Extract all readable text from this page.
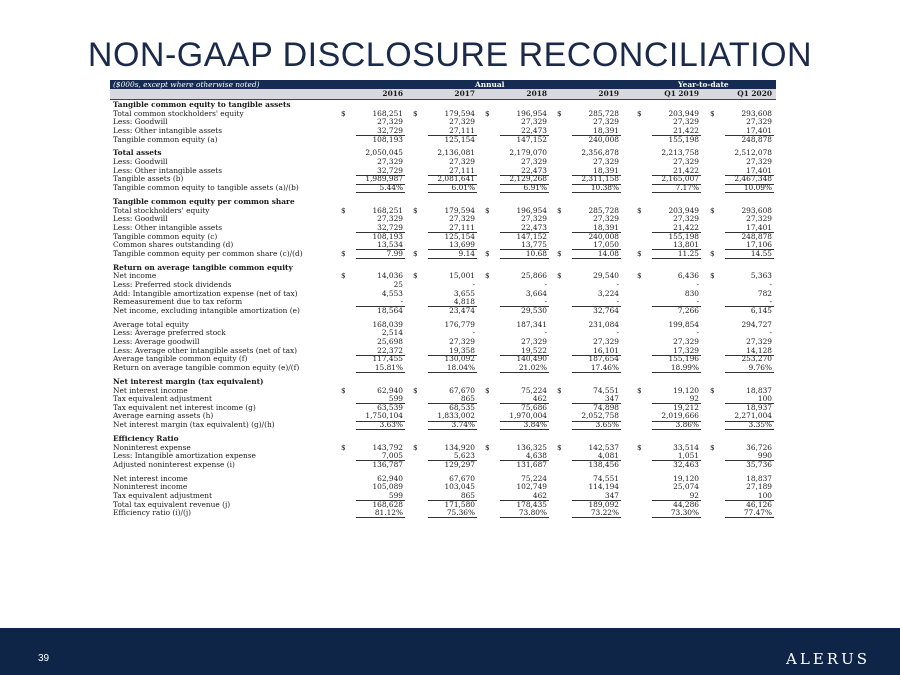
NON-GAAP DISCLOSURE RECONCILIATION
($000s, except where otherwise noted)	Annual	Year-to-date
2016	2017	2018	2019	Q1 2019	Q1 2020
Tangible common equity to tangible assets
Total common stockholders' equity	$	168,251 $	179,594 $	196,954 $	285,728 $	203,949 $	293,608
Less: Goodwill	27,329	27,329	27,329	27,329	27,329	27,329
Less: Other intangible assets	32,729	27,111	22,473	18,391	21,422	17,401
Tangible common equity (a)	108,193	125,154	147,152	240,008	155,198	248,878
Total assets	2,050,045	2,136,081	2,179,070	2,356,878	2,213,758	2,512,078
Less: Goodwill	27,329	27,329	27,329	27,329	27,329	27,329
Less: Other intangible assets	32,729	27,111	22,473	18,391	21,422	17,401
Tangible assets (b)	1,989,987	2,081,641	2,129,268	2,311,158	2,165,007	2,467,348
Tangible common equity to tangible assets (a)/(b)	5.44%	6.01%	6.91%	10.38%	7.17%	10.09%
Tangible common equity per common share
Total stockholders' equity	$	168,251 $	179,594 $	196,954 $	285,728 $	203,949 $	293,608
Less: Goodwill	27,329	27,329	27,329	27,329	27,329	27,329
Less: Other intangible assets	32,729	27,111	22,473	18,391	21,422	17,401
Tangible common equity (c)	108,193	125,154	147,152	240,008	155,198	248,878
Common shares outstanding (d)	13,534	13,699	13,775	17,050	13,801	17,106
Tangible common equity per common share (c)/(d)	$	7.99 $	9.14 $	10.68 $	14.08 $	11.25 $	14.55
Return on average tangible common equity
Net income	$	14,036 $	15,001 $	25,866 $	29,540 $	6,436 $	5,363
Less: Preferred stock dividends	25	-	-	-	-	-
Add: Intangible amortization expense (net of tax)	4,553	3,655	3,664	3,224	830	782
Remeasurement due to tax reform	-	4,818	-	-	-	-
Net income, excluding intangible amortization (e)	18,564	23,474	29,530	32,764	7,266	6,145
Average total equity	168,039	176,779	187,341	231,084	199,854	294,727
Less: Average preferred stock	2,514	-	-	-	-	-
Less: Average goodwill	25,698	27,329	27,329	27,329	27,329	27,329
Less: Average other intangible assets (net of tax)	22,372	19,358	19,522	16,101	17,329	14,128
Average tangible common equity (f)	117,455	130,092	140,490	187,654	155,196	253,270
Return on average tangible common equity (e)/(f)	15.81%	18.04%	21.02%	17.46%	18.99%	9.76%
Net interest margin (tax equivalent)
Net interest income	$	62,940 $	67,670 $	75,224 $	74,551 $	19,120 $	18,837
Tax equivalent adjustment	599	865	462	347	92	100
Tax equivalent net interest income (g)	63,539	68,535	75,686	74,898	19,212	18,937
Average earning assets (h)	1,750,104	1,833,002	1,970,004	2,052,758	2,019,666	2,271,004
Net interest margin (tax equivalent) (g)/(h)	3.63%	3.74%	3.84%	3.65%	3.86%	3.35%
Efficiency Ratio
Noninterest expense	$	143,792 $	134,920 $	136,325 $	142,537 $	33,514 $	36,726
Less: Intangible amortization expense	7,005	5,623	4,638	4,081	1,051	990
Adjusted noninterest expense (i)	136,787	129,297	131,687	138,456	32,463	35,736
Net interest income	62,940	67,670	75,224	74,551	19,120	18,837
Noninterest income	105,089	103,045	102,749	114,194	25,074	27,189
Tax equivalent adjustment	599	865	462	347	92	100
Total tax equivalent revenue (j)	168,628	171,580	178,435	189,092	44,286	46,126
Efficiency ratio (i)/(j)	81.12%	75.36%	73.80%	73.22%	73.30%	77.47%
39	ALERUS
